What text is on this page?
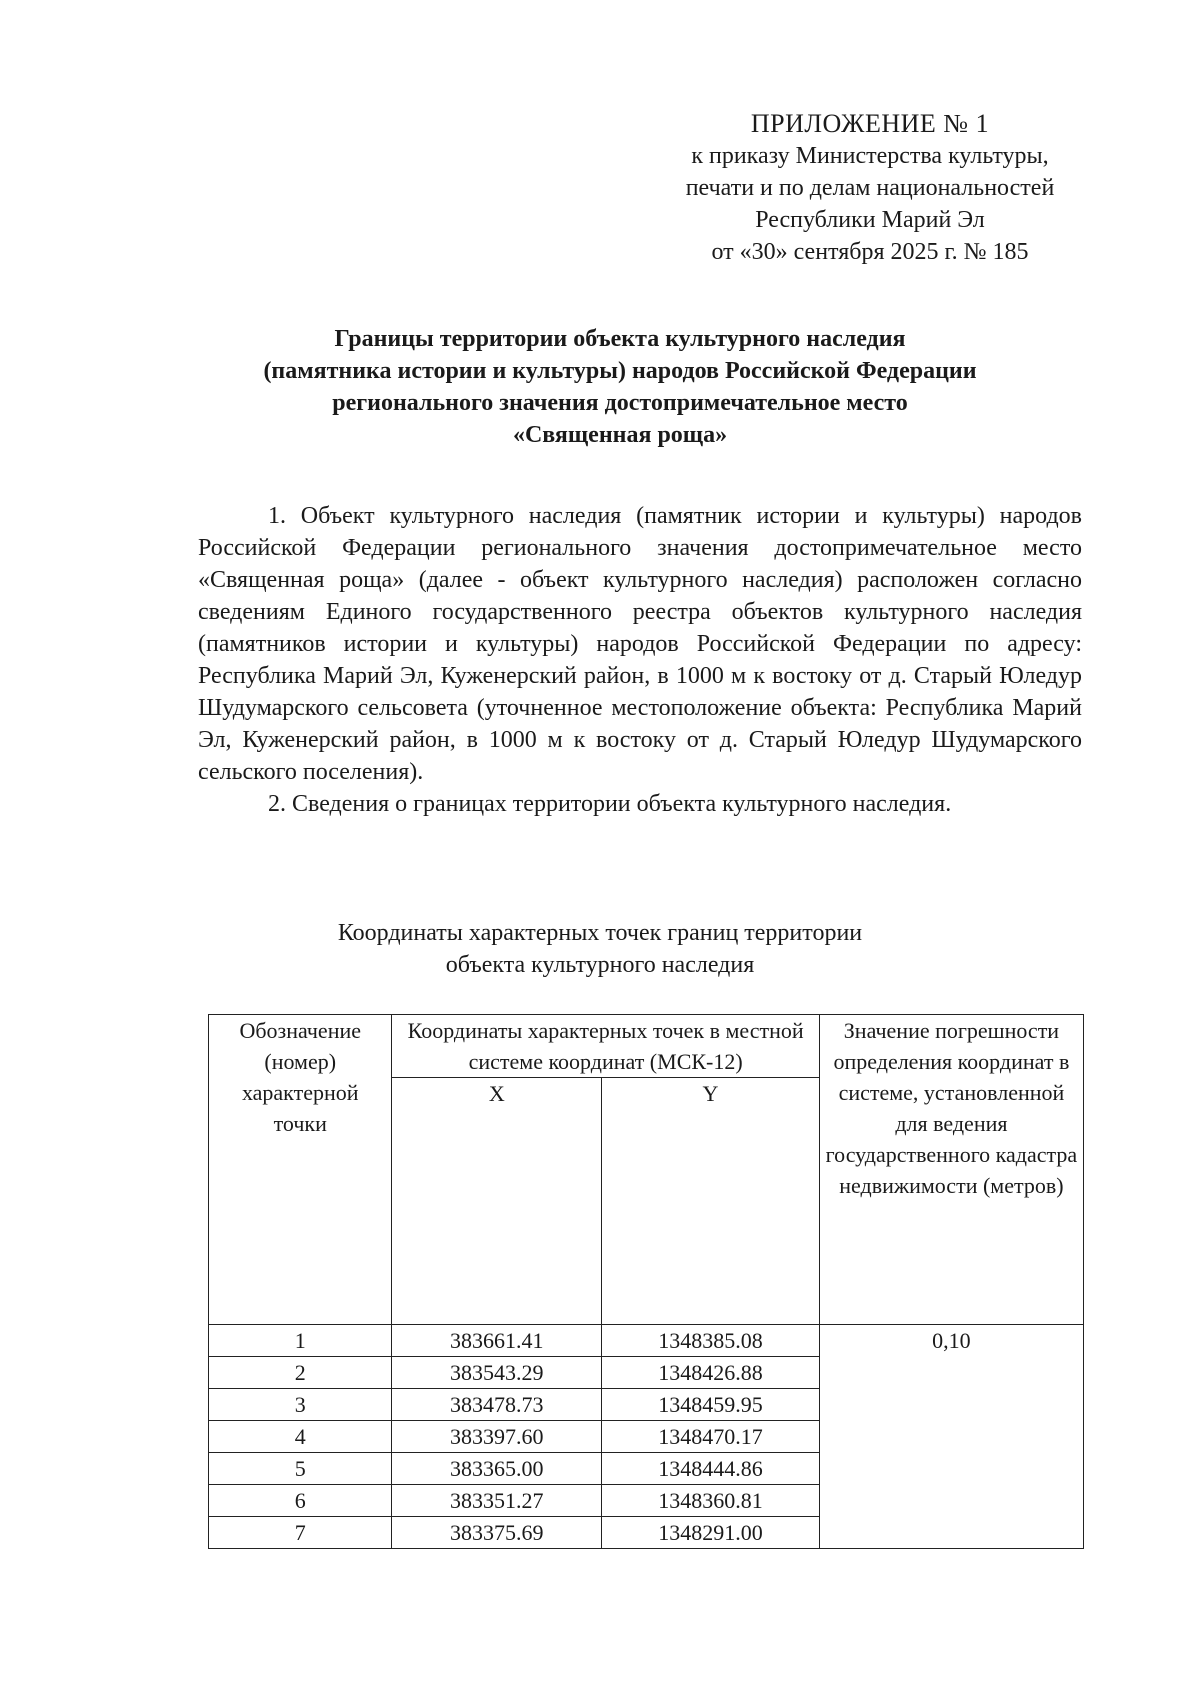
ПРИЛОЖЕНИЕ № 1
к приказу Министерства культуры,
печати и по делам национальностей
Республики Марий Эл
от «30» сентября 2025 г. № 185
Границы территории объекта культурного наследия
(памятника истории и культуры) народов Российской Федерации
регионального значения достопримечательное место
«Священная роща»

1. Объект культурного наследия (памятник истории и культуры) народов Российской Федерации регионального значения достопримечательное место «Священная роща» (далее - объект культурного наследия) расположен согласно сведениям Единого государственного реестра объектов культурного наследия (памятников истории и культуры) народов Российской Федерации по адресу: Республика Марий Эл, Куженерский район, в 1000 м к востоку от д. Старый Юледур Шудумарского сельсовета (уточненное местоположение объекта: Республика Марий Эл, Куженерский район, в 1000 м к востоку от д. Старый Юледур Шудумарского сельского поселения).

2. Сведения о границах территории объекта культурного наследия.

Координаты характерных точек границ территории
объекта культурного наследия
Обозначение (номер) характерной точки	Координаты характерных точек в местной системе координат (МСК-12)		Значение погрешности определения координат в системе, установленной для ведения государственного кадастра недвижимости (метров)
	X	Y	
1	383661.41	1348385.08	0,10
2	383543.29	1348426.88	
3	383478.73	1348459.95	
4	383397.60	1348470.17	
5	383365.00	1348444.86	
6	383351.27	1348360.81	
7	383375.69	1348291.00	
